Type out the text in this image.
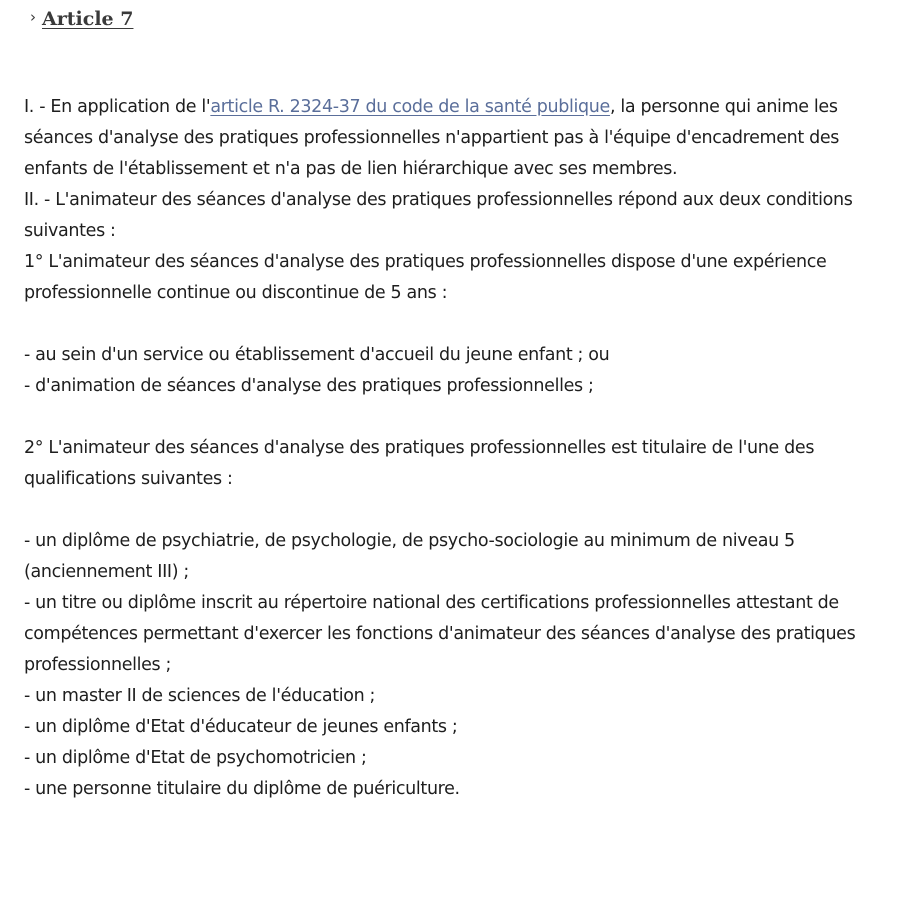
› Article 7

I. - En application de l'article R. 2324-37 du code de la santé publique, la personne qui anime les séances d'analyse des pratiques professionnelles n'appartient pas à l'équipe d'encadrement des enfants de l'établissement et n'a pas de lien hiérarchique avec ses membres.

II. - L'animateur des séances d'analyse des pratiques professionnelles répond aux deux conditions suivantes :

1° L'animateur des séances d'analyse des pratiques professionnelles dispose d'une expérience professionnelle continue ou discontinue de 5 ans :

- au sein d'un service ou établissement d'accueil du jeune enfant ; ou

- d'animation de séances d'analyse des pratiques professionnelles ;

2° L'animateur des séances d'analyse des pratiques professionnelles est titulaire de l'une des qualifications suivantes :

- un diplôme de psychiatrie, de psychologie, de psycho-sociologie au minimum de niveau 5 (anciennement III) ;

- un titre ou diplôme inscrit au répertoire national des certifications professionnelles attestant de compétences permettant d'exercer les fonctions d'animateur des séances d'analyse des pratiques professionnelles ;

- un master II de sciences de l'éducation ;

- un diplôme d'Etat d'éducateur de jeunes enfants ;

- un diplôme d'Etat de psychomotricien ;

- une personne titulaire du diplôme de puériculture.
